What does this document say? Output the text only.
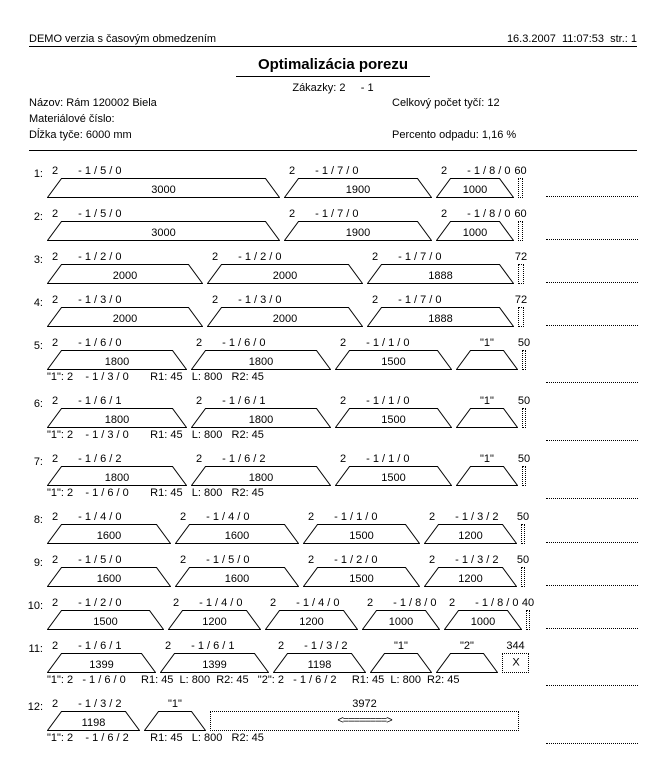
DEMO verzia s časovým obmedzením	16.3.2007  11:07:53  str.: 1
Optimalizácia porezu
Zákazky: 2     - 1
Názov: Rám 120002 Biela	Celkový počet tyčí: 12
Materiálové číslo:
Dĺžka tyče: 6000 mm	Percento odpadu: 1,16 %
1: 2 - 1 / 5 / 0
3000
2 - 1 / 7 / 0
1900
2 - 1 / 8 / 0
1000
60
2: 2 - 1 / 5 / 0
3000
2 - 1 / 7 / 0
1900
2 - 1 / 8 / 0
1000
60
3: 2 - 1 / 2 / 0
2000
2 - 1 / 2 / 0
2000
2 - 1 / 7 / 0
1888
72
4: 2 - 1 / 3 / 0
2000
2 - 1 / 3 / 0
2000
2 - 1 / 7 / 0
1888
72
5: 2 - 1 / 6 / 0
1800
2 - 1 / 6 / 0
1800
2 - 1 / 1 / 0
1500
"1"	50
"1": 2    - 1 / 3 / 0       R1: 45   L: 800   R2: 45
6: 2 - 1 / 6 / 1
1800
2 - 1 / 6 / 1
1800
2 - 1 / 1 / 0
1500
"1"	50
"1": 2    - 1 / 3 / 0       R1: 45   L: 800   R2: 45
7: 2 - 1 / 6 / 2
1800
2 - 1 / 6 / 2
1800
2 - 1 / 1 / 0
1500
"1"	50
"1": 2    - 1 / 6 / 0       R1: 45   L: 800   R2: 45
8: 2 - 1 / 4 / 0
1600
2 - 1 / 4 / 0
1600
2 - 1 / 1 / 0
1500
2 - 1 / 3 / 2
1200
50
9: 2 - 1 / 5 / 0
1600
2 - 1 / 5 / 0
1600
2 - 1 / 2 / 0
1500
2 - 1 / 3 / 2
1200
50
10: 2 - 1 / 2 / 0
1500
2 - 1 / 4 / 0
1200
2 - 1 / 4 / 0
1200
2 - 1 / 8 / 0
1000
2 - 1 / 8 / 0
1000
40
11: 2 - 1 / 6 / 1
1399
2 - 1 / 6 / 1
1399
2 - 1 / 3 / 2
1198
"1"	"2"	344
X
"1": 2   - 1 / 6 / 0     R1: 45  L: 800  R2: 45   "2": 2   - 1 / 6 / 2     R1: 45  L: 800  R2: 45
12: 2 - 1 / 3 / 2
1198
"1"	3972
<========>
"1": 2    - 1 / 6 / 2       R1: 45   L: 800   R2: 45
